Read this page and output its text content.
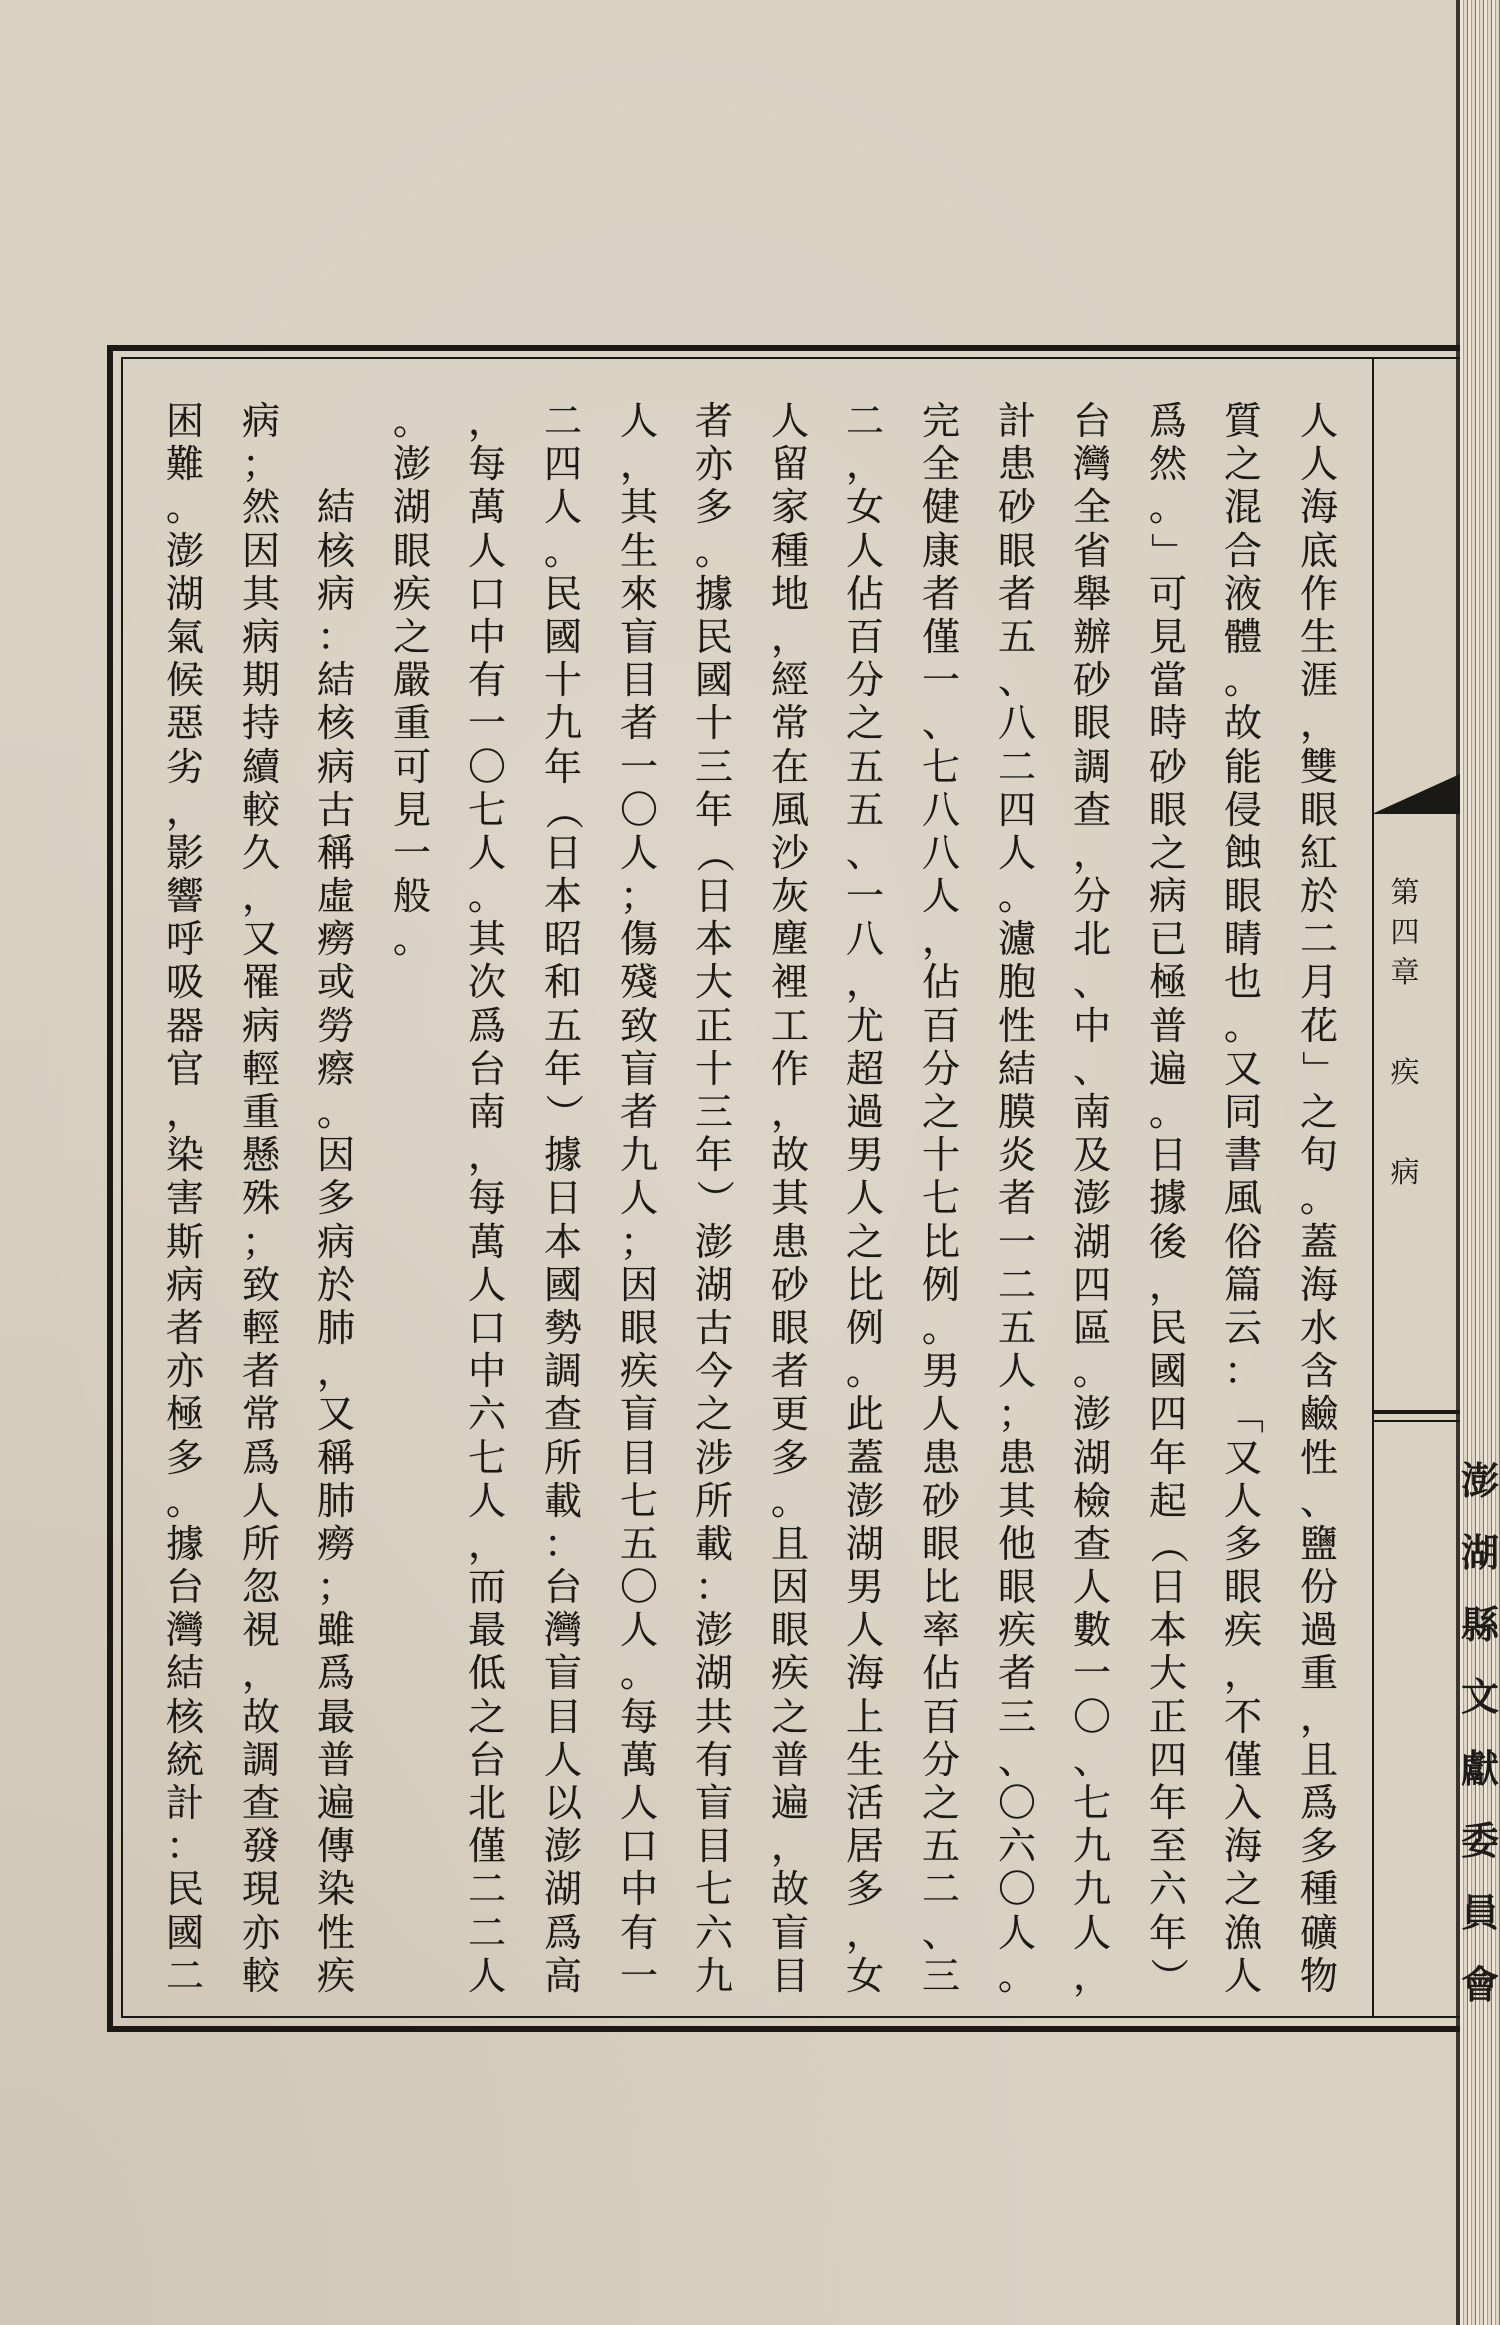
第
四
章

疾

病
澎
湖
縣
文
獻
委
員
會
人
人
海
底
作
生
涯
，
雙
眼
紅
於
二
月
花
」
之
句
。
蓋
海
水
含
鹼
性
、
鹽
份
過
重
，
且
爲
多
種
礦
物
質
之
混
合
液
體
。
故
能
侵
蝕
眼
睛
也
。
又
同
書
風
俗
篇
云
：
「
又
人
多
眼
疾
，
不
僅
入
海
之
漁
人
爲
然
。
」
可
見
當
時
砂
眼
之
病
已
極
普
遍
。
日
據
後
，
民
國
四
年
起
（
日
本
大
正
四
年
至
六
年
）
台
灣
全
省
舉
辦
砂
眼
調
查
，
分
北
、
中
、
南
及
澎
湖
四
區
。
澎
湖
檢
查
人
數
一
〇
、
七
九
九
人
，
計
患
砂
眼
者
五
、
八
二
四
人
。
濾
胞
性
結
膜
炎
者
一
二
五
人
；
患
其
他
眼
疾
者
三
、
〇
六
〇
人
。
完
全
健
康
者
僅
一
、
七
八
八
人
，
佔
百
分
之
十
七
比
例
。
男
人
患
砂
眼
比
率
佔
百
分
之
五
二
、
三
二
，
女
人
佔
百
分
之
五
五
、
一
八
，
尤
超
過
男
人
之
比
例
。
此
蓋
澎
湖
男
人
海
上
生
活
居
多
，
女
人
留
家
種
地
，
經
常
在
風
沙
灰
塵
裡
工
作
，
故
其
患
砂
眼
者
更
多
。
且
因
眼
疾
之
普
遍
，
故
盲
目
者
亦
多
。
據
民
國
十
三
年
（
日
本
大
正
十
三
年
）
澎
湖
古
今
之
涉
所
載
：
澎
湖
共
有
盲
目
七
六
九
人
，
其
生
來
盲
目
者
一
〇
人
；
傷
殘
致
盲
者
九
人
；
因
眼
疾
盲
目
七
五
〇
人
。
每
萬
人
口
中
有
一
二
四
人
。
民
國
十
九
年
（
日
本
昭
和
五
年
）
據
日
本
國
勢
調
查
所
載
：
台
灣
盲
目
人
以
澎
湖
爲
高
，
每
萬
人
口
中
有
一
〇
七
人
。
其
次
爲
台
南
，
每
萬
人
口
中
六
七
人
，
而
最
低
之
台
北
僅
二
二
人
。
澎
湖
眼
疾
之
嚴
重
可
見
一
般
。
結
核
病
：
結
核
病
古
稱
虛
癆
或
勞
瘵
。
因
多
病
於
肺
，
又
稱
肺
癆
；
雖
爲
最
普
遍
傳
染
性
疾
病
；
然
因
其
病
期
持
續
較
久
，
又
罹
病
輕
重
懸
殊
；
致
輕
者
常
爲
人
所
忽
視
，
故
調
查
發
現
亦
較
困
難
。
澎
湖
氣
候
惡
劣
，
影
響
呼
吸
器
官
，
染
害
斯
病
者
亦
極
多
。
據
台
灣
結
核
統
計
：
民
國
二
